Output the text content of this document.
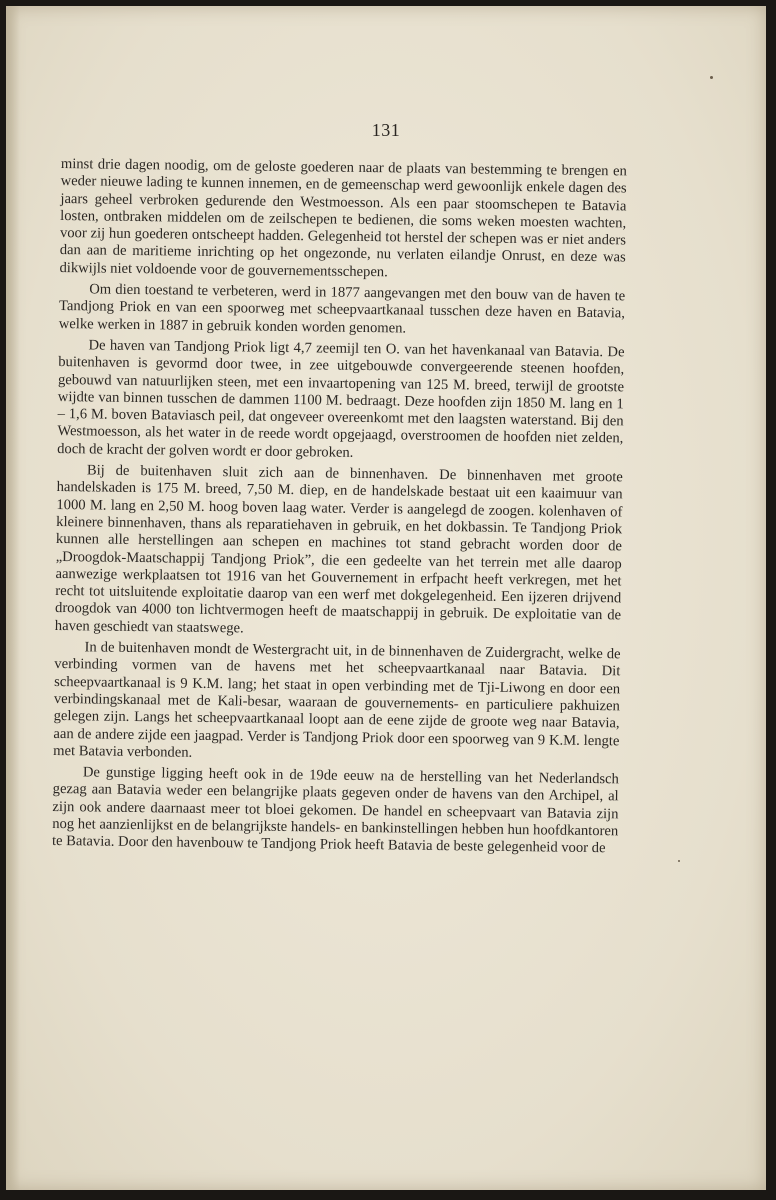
131

minst drie dagen noodig, om de geloste goederen naar de plaats van bestemming te brengen en weder nieuwe lading te kunnen innemen, en de gemeenschap werd gewoonlijk enkele dagen des jaars geheel verbroken gedurende den Westmoesson. Als een paar stoomschepen te Batavia losten, ontbraken middelen om de zeilschepen te bedienen, die soms weken moesten wachten, voor zij hun goederen ontscheept hadden. Gelegenheid tot herstel der schepen was er niet anders dan aan de maritieme inrichting op het ongezonde, nu verlaten eilandje Onrust, en deze was dikwijls niet voldoende voor de gouvernementsschepen.

Om dien toestand te verbeteren, werd in 1877 aangevangen met den bouw van de haven te Tandjong Priok en van een spoorweg met scheepvaartkanaal tusschen deze haven en Batavia, welke werken in 1887 in gebruik konden worden genomen.

De haven van Tandjong Priok ligt 4,7 zeemijl ten O. van het havenkanaal van Batavia. De buitenhaven is gevormd door twee, in zee uitgebouwde convergeerende steenen hoofden, gebouwd van natuurlijken steen, met een invaartopening van 125 M. breed, terwijl de grootste wijdte van binnen tusschen de dammen 1100 M. bedraagt. Deze hoofden zijn 1850 M. lang en 1 – 1,6 M. boven Bataviasch peil, dat ongeveer overeenkomt met den laagsten waterstand. Bij den Westmoesson, als het water in de reede wordt opgejaagd, overstroomen de hoofden niet zelden, doch de kracht der golven wordt er door gebroken.

Bij de buitenhaven sluit zich aan de binnenhaven. De binnenhaven met groote handelskaden is 175 M. breed, 7,50 M. diep, en de handelskade bestaat uit een kaaimuur van 1000 M. lang en 2,50 M. hoog boven laag water. Verder is aangelegd de zoogen. kolenhaven of kleinere binnenhaven, thans als reparatiehaven in gebruik, en het dokbassin. Te Tandjong Priok kunnen alle herstellingen aan schepen en machines tot stand gebracht worden door de „Droogdok-Maatschappij Tandjong Priok”, die een gedeelte van het terrein met alle daarop aanwezige werkplaatsen tot 1916 van het Gouvernement in erfpacht heeft verkregen, met het recht tot uitsluitende exploitatie daarop van een werf met dokgelegenheid. Een ijzeren drijvend droogdok van 4000 ton lichtvermogen heeft de maatschappij in gebruik. De exploitatie van de haven geschiedt van staatswege.

In de buitenhaven mondt de Westergracht uit, in de binnenhaven de Zuidergracht, welke de verbinding vormen van de havens met het scheepvaartkanaal naar Batavia. Dit scheepvaartkanaal is 9 K.M. lang; het staat in open verbinding met de Tji-Liwong en door een verbindingskanaal met de Kali-besar, waaraan de gouvernements- en particuliere pakhuizen gelegen zijn. Langs het scheepvaartkanaal loopt aan de eene zijde de groote weg naar Batavia, aan de andere zijde een jaagpad. Verder is Tandjong Priok door een spoorweg van 9 K.M. lengte met Batavia verbonden.

De gunstige ligging heeft ook in de 19de eeuw na de herstelling van het Nederlandsch gezag aan Batavia weder een belangrijke plaats gegeven onder de havens van den Archipel, al zijn ook andere daarnaast meer tot bloei gekomen. De handel en scheepvaart van Batavia zijn nog het aanzienlijkst en de belangrijkste handels- en bankinstellingen hebben hun hoofdkantoren te Batavia. Door den havenbouw te Tandjong Priok heeft Batavia de beste gelegenheid voor de
